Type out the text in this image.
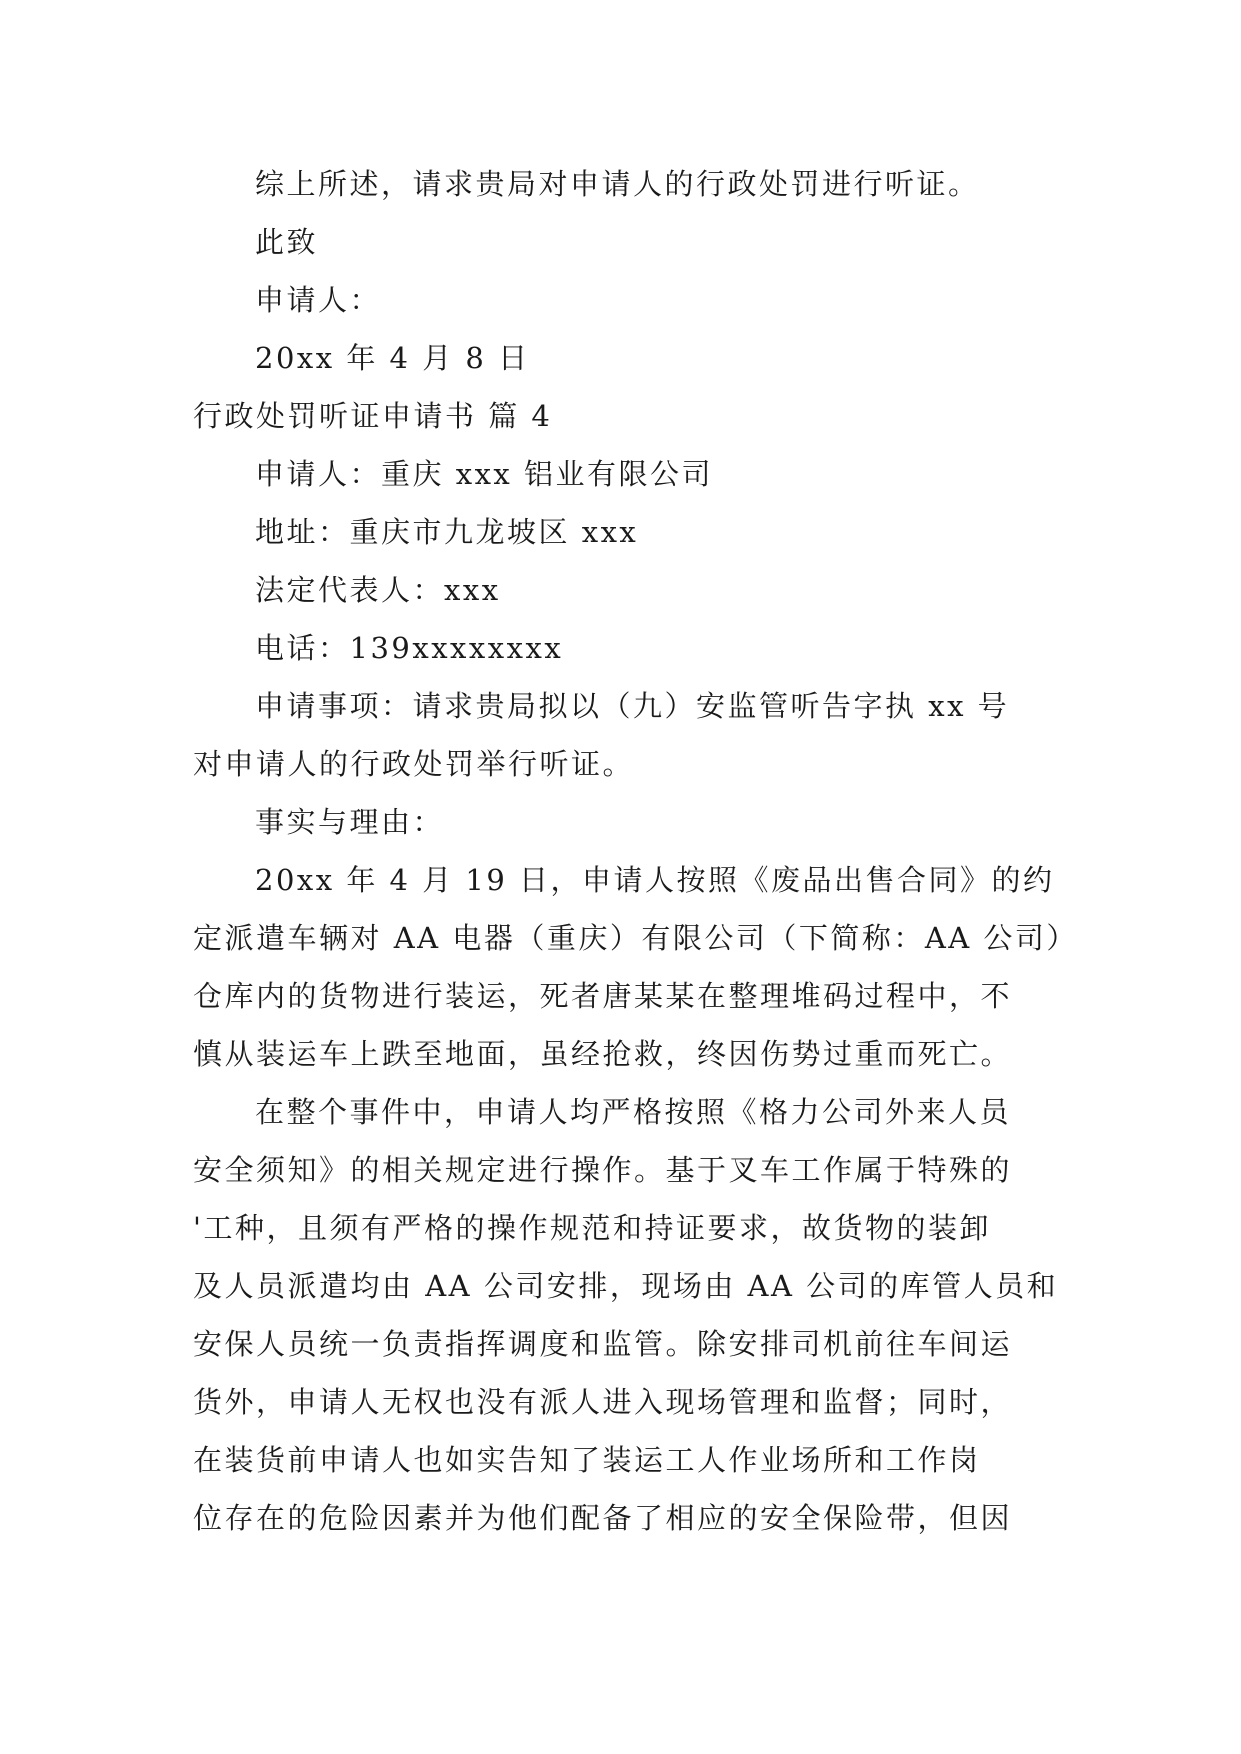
综上所述，请求贵局对申请人的行政处罚进行听证。
此致
申请人：
20xx 年 4 月 8 日
行政处罚听证申请书 篇 4
申请人：重庆 xxx 铝业有限公司
地址：重庆市九龙坡区 xxx
法定代表人：xxx
电话：139xxxxxxxx
申请事项：请求贵局拟以（九）安监管听告字执 xx 号
对申请人的行政处罚举行听证。
事实与理由：
20xx 年 4 月 19 日，申请人按照《废品出售合同》的约
定派遣车辆对 AA 电器（重庆）有限公司（下简称：AA 公司）
仓库内的货物进行装运，死者唐某某在整理堆码过程中，不
慎从装运车上跌至地面，虽经抢救，终因伤势过重而死亡。
在整个事件中，申请人均严格按照《格力公司外来人员
安全须知》的相关规定进行操作。基于叉车工作属于特殊的
'工种，且须有严格的操作规范和持证要求，故货物的装卸
及人员派遣均由 AA 公司安排，现场由 AA 公司的库管人员和
安保人员统一负责指挥调度和监管。除安排司机前往车间运
货外，申请人无权也没有派人进入现场管理和监督；同时，
在装货前申请人也如实告知了装运工人作业场所和工作岗
位存在的危险因素并为他们配备了相应的安全保险带，但因
